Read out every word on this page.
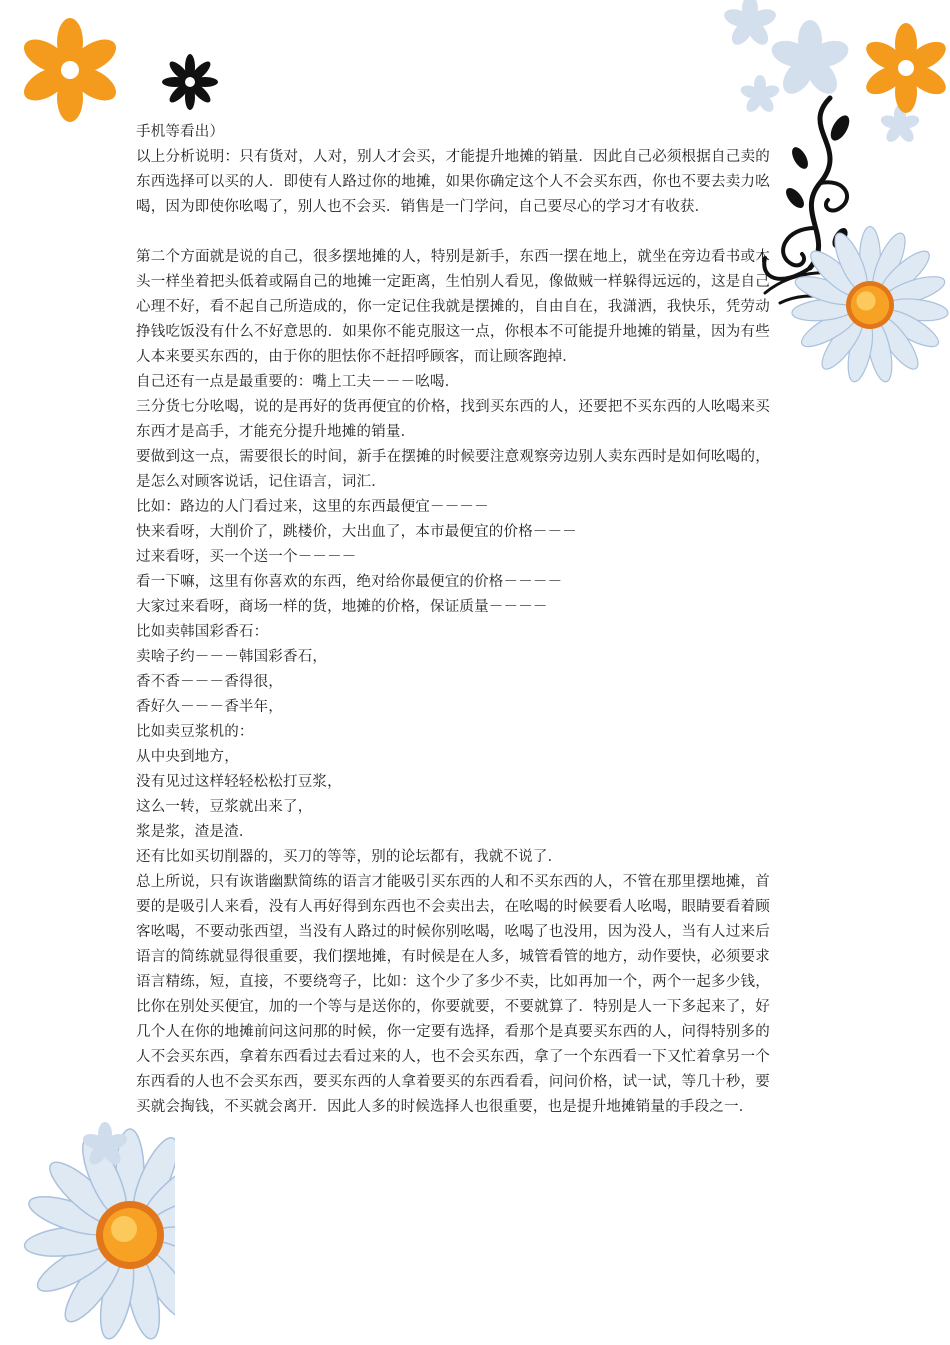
手机等看出）

以上分析说明：只有货对，人对，别人才会买，才能提升地摊的销量．因此自己必须根据自己卖的东西选择可以买的人．即使有人路过你的地摊，如果你确定这个人不会买东西，你也不要去卖力吆喝，因为即使你吆喝了，别人也不会买．销售是一门学问，自己要尽心的学习才有收获．

第二个方面就是说的自己，很多摆地摊的人，特别是新手，东西一摆在地上，就坐在旁边看书或木头一样坐着把头低着或隔自己的地摊一定距离，生怕别人看见，像做贼一样躲得远远的，这是自己心理不好，看不起自己所造成的，你一定记住我就是摆摊的，自由自在，我潇洒，我快乐，凭劳动挣钱吃饭没有什么不好意思的．如果你不能克服这一点，你根本不可能提升地摊的销量，因为有些人本来要买东西的，由于你的胆怯你不赶招呼顾客，而让顾客跑掉．

自己还有一点是最重要的：嘴上工夫－－－吆喝．

三分货七分吆喝，说的是再好的货再便宜的价格，找到买东西的人，还要把不买东西的人吆喝来买东西才是高手，才能充分提升地摊的销量．

要做到这一点，需要很长的时间，新手在摆摊的时候要注意观察旁边别人卖东西时是如何吆喝的，是怎么对顾客说话，记住语言，词汇．

比如：路边的人门看过来，这里的东西最便宜－－－－

快来看呀，大削价了，跳楼价，大出血了，本市最便宜的价格－－－

过来看呀，买一个送一个－－－－

看一下嘛，这里有你喜欢的东西，绝对给你最便宜的价格－－－－

大家过来看呀，商场一样的货，地摊的价格，保证质量－－－－

比如卖韩国彩香石：

卖啥子约－－－韩国彩香石，

香不香－－－香得很，

香好久－－－香半年，

比如卖豆浆机的：

从中央到地方，

没有见过这样轻轻松松打豆浆，

这么一转，豆浆就出来了，

浆是浆，渣是渣．

还有比如买切削器的，买刀的等等，别的论坛都有，我就不说了．

总上所说，只有诙谐幽默简练的语言才能吸引买东西的人和不买东西的人，不管在那里摆地摊，首要的是吸引人来看，没有人再好得到东西也不会卖出去，在吆喝的时候要看人吆喝，眼睛要看着顾客吆喝，不要动张西望，当没有人路过的时候你别吆喝，吆喝了也没用，因为没人，当有人过来后语言的简练就显得很重要，我们摆地摊，有时候是在人多，城管看管的地方，动作要快，必须要求语言精练，短，直接，不要绕弯子，比如：这个少了多少不卖，比如再加一个，两个一起多少钱，比你在别处买便宜，加的一个等与是送你的，你要就要，不要就算了．特别是人一下多起来了，好几个人在你的地摊前问这问那的时候，你一定要有选择，看那个是真要买东西的人，问得特别多的人不会买东西，拿着东西看过去看过来的人，也不会买东西，拿了一个东西看一下又忙着拿另一个东西看的人也不会买东西，要买东西的人拿着要买的东西看看，问问价格，试一试，等几十秒，要买就会掏钱，不买就会离开．因此人多的时候选择人也很重要，也是提升地摊销量的手段之一．
